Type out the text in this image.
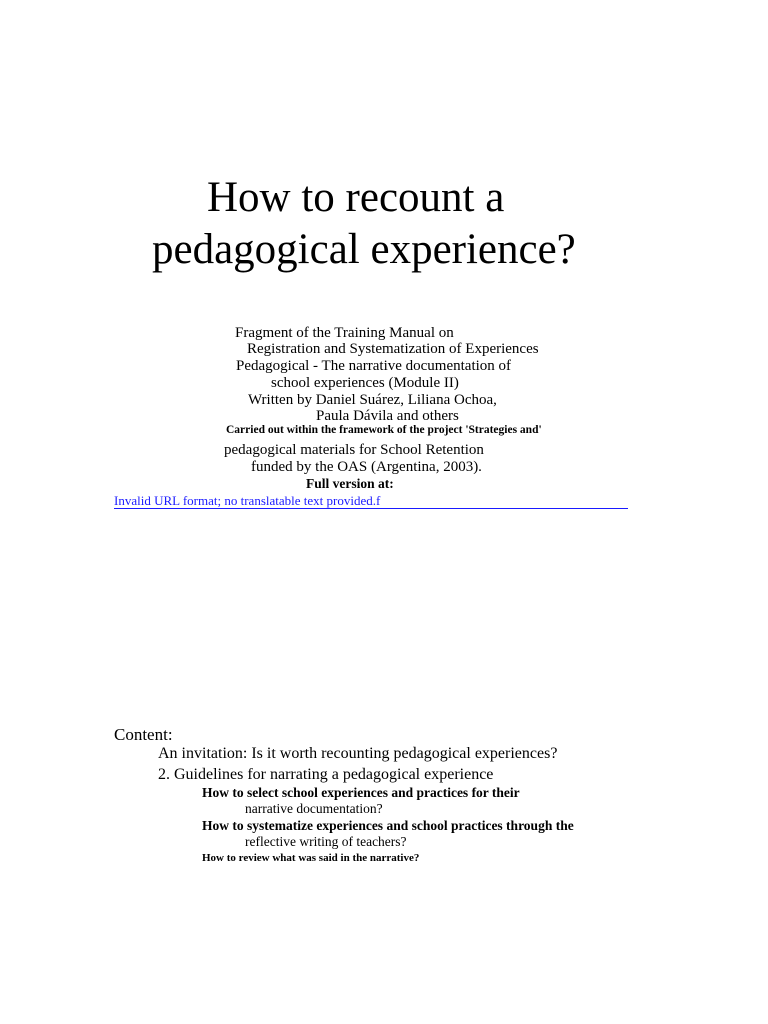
How to recount a
pedagogical experience?
Fragment of the Training Manual on
Registration and Systematization of Experiences
Pedagogical - The narrative documentation of
school experiences (Module II)
Written by Daniel Suárez, Liliana Ochoa,
Paula Dávila and others
Carried out within the framework of the project 'Strategies and'
pedagogical materials for School Retention
funded by the OAS (Argentina, 2003).
Full version at:
Invalid URL format; no translatable text provided.f
Content:
An invitation: Is it worth recounting pedagogical experiences?
2. Guidelines for narrating a pedagogical experience
How to select school experiences and practices for their
narrative documentation?
How to systematize experiences and school practices through the
reflective writing of teachers?
How to review what was said in the narrative?
